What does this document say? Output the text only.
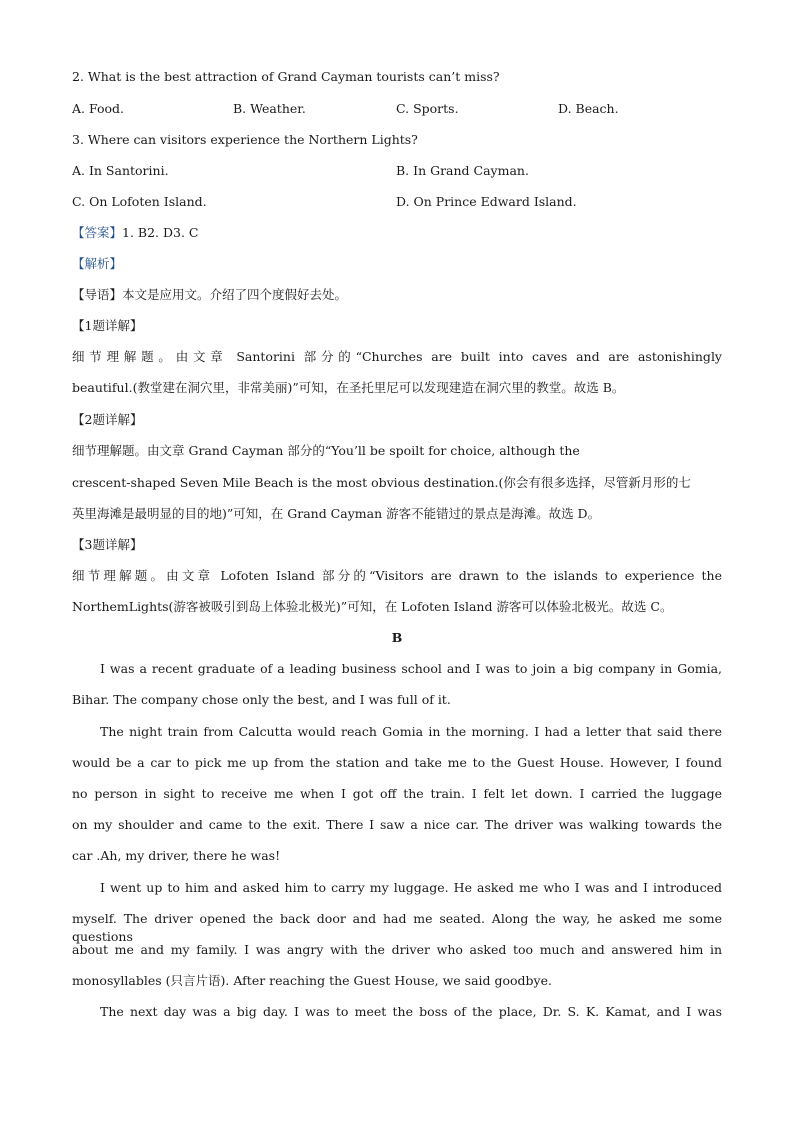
2. What is the best attraction of Grand Cayman tourists can’t miss?
A. Food.	B. Weather.	C. Sports.	D. Beach.
3. Where can visitors experience the Northern Lights?
A. In Santorini.	B. In Grand Cayman.
C. On Lofoten Island.	D. On Prince Edward Island.
【答案】1. B2. D3. C
【解析】
【导语】本文是应用文。介绍了四个度假好去处。
【1题详解】
细节理解题。由文章 Santorini 部分的“Churches are built into caves and are astonishingly
beautiful.(教堂建在洞穴里，非常美丽)”可知，在圣托里尼可以发现建造在洞穴里的教堂。故选 B。
【2题详解】
细节理解题。由文章 Grand Cayman 部分的“You’ll be spoilt for choice, although the
crescent-shaped Seven Mile Beach is the most obvious destination.(你会有很多选择，尽管新月形的七
英里海滩是最明显的目的地)”可知，在 Grand Cayman 游客不能错过的景点是海滩。故选 D。
【3题详解】
细节理解题。由文章 Lofoten Island 部分的“Visitors are drawn to the islands to experience the
NorthemLights(游客被吸引到岛上体验北极光)”可知，在 Lofoten Island 游客可以体验北极光。故选 C。
B
I was a recent graduate of a leading business school and I was to join a big company in Gomia,
Bihar. The company chose only the best, and I was full of it.
The night train from Calcutta would reach Gomia in the morning. I had a letter that said there
would be a car to pick me up from the station and take me to the Guest House. However, I found
no person in sight to receive me when I got off the train. I felt let down. I carried the luggage
on my shoulder and came to the exit. There I saw a nice car. The driver was walking towards the
car .Ah, my driver, there he was!
I went up to him and asked him to carry my luggage. He asked me who I was and I introduced
myself. The driver opened the back door and had me seated. Along the way, he asked me some questions
about me and my family. I was angry with the driver who asked too much and answered him in
monosyllables (只言片语). After reaching the Guest House, we said goodbye.
The next day was a big day. I was to meet the boss of the place, Dr. S. K. Kamat, and I was
